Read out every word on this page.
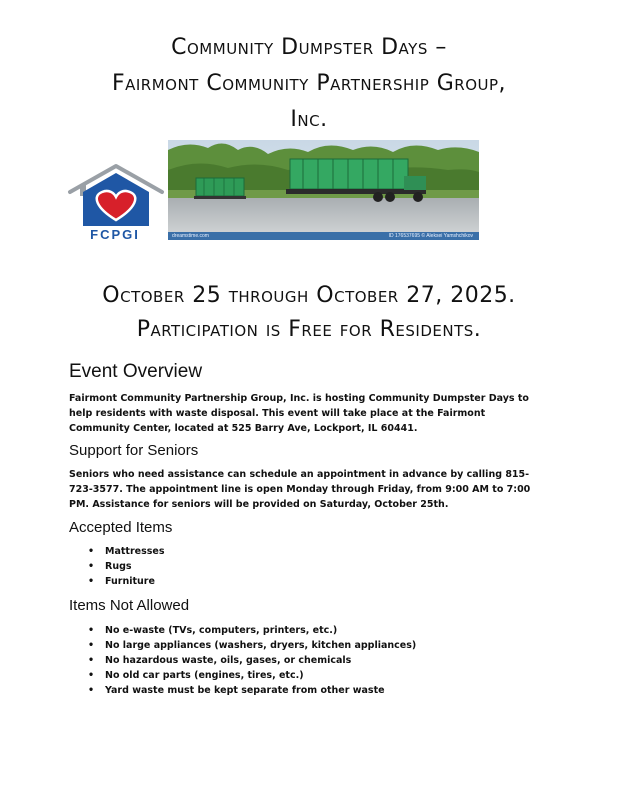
Community Dumpster Days –
Fairmont Community Partnership Group,
Inc.
FCPGI	dreamstime.com	ID 176537695 © Aleksei Yamshchikov
October 25 through October 27, 2025.
Participation is Free for Residents.
Event Overview
Fairmont Community Partnership Group, Inc. is hosting Community Dumpster Days to help residents with waste disposal. This event will take place at the Fairmont Community Center, located at 525 Barry Ave, Lockport, IL 60441.
Support for Seniors
Seniors who need assistance can schedule an appointment in advance by calling 815-723-3577. The appointment line is open Monday through Friday, from 9:00 AM to 7:00 PM. Assistance for seniors will be provided on Saturday, October 25th.
Accepted Items
• Mattresses
• Rugs
• Furniture
Items Not Allowed
• No e-waste (TVs, computers, printers, etc.)
• No large appliances (washers, dryers, kitchen appliances)
• No hazardous waste, oils, gases, or chemicals
• No old car parts (engines, tires, etc.)
• Yard waste must be kept separate from other waste
